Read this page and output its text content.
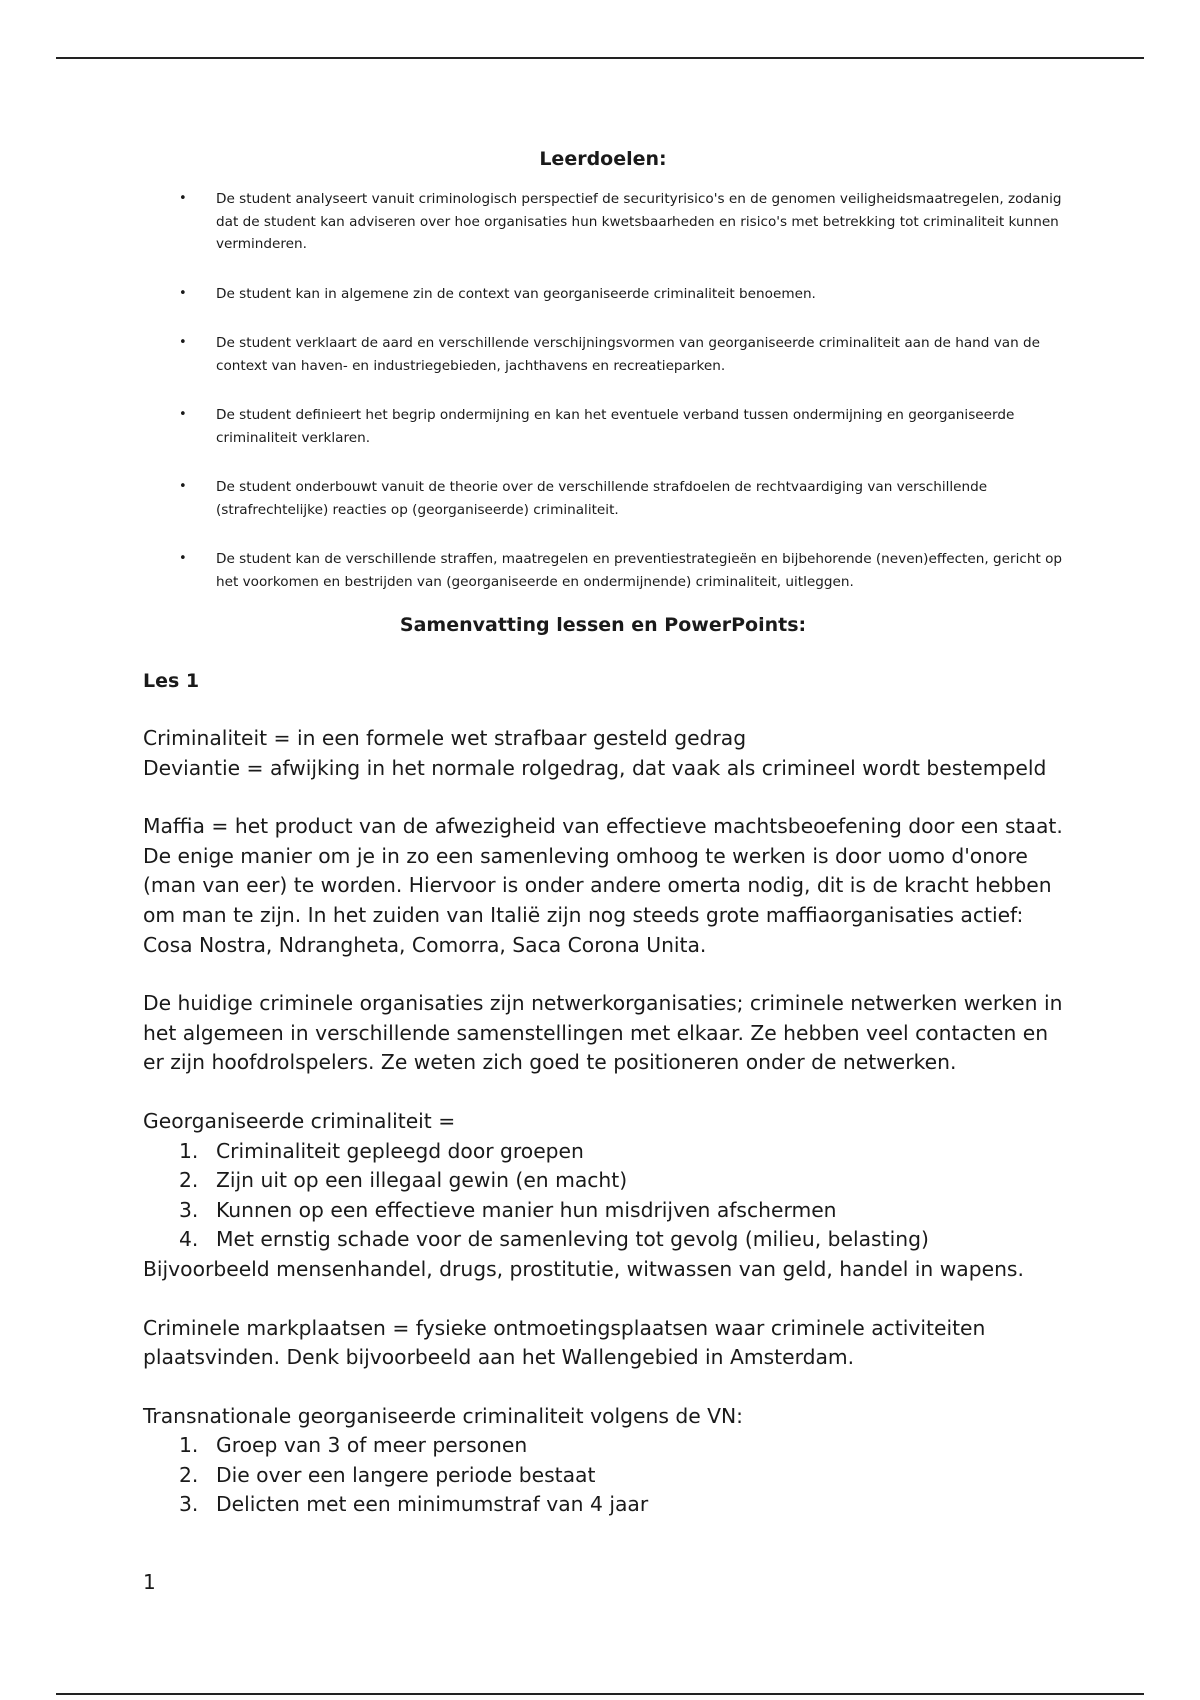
Leerdoelen:
• De student analyseert vanuit criminologisch perspectief de securityrisico's en de genomen veiligheidsmaatregelen, zodanig dat de student kan adviseren over hoe organisaties hun kwetsbaarheden en risico's met betrekking tot criminaliteit kunnen verminderen.
• De student kan in algemene zin de context van georganiseerde criminaliteit benoemen.
• De student verklaart de aard en verschillende verschijningsvormen van georganiseerde criminaliteit aan de hand van de context van haven- en industriegebieden, jachthavens en recreatieparken.
• De student definieert het begrip ondermijning en kan het eventuele verband tussen ondermijning en georganiseerde criminaliteit verklaren.
• De student onderbouwt vanuit de theorie over de verschillende strafdoelen de rechtvaardiging van verschillende (strafrechtelijke) reacties op (georganiseerde) criminaliteit.
• De student kan de verschillende straffen, maatregelen en preventiestrategieën en bijbehorende (neven)effecten, gericht op het voorkomen en bestrijden van (georganiseerde en ondermijnende) criminaliteit, uitleggen.
Samenvatting lessen en PowerPoints:
Les 1

Criminaliteit = in een formele wet strafbaar gesteld gedrag

Deviantie = afwijking in het normale rolgedrag, dat vaak als crimineel wordt bestempeld

Maffia = het product van de afwezigheid van effectieve machtsbeoefening door een staat. De enige manier om je in zo een samenleving omhoog te werken is door uomo d'onore (man van eer) te worden. Hiervoor is onder andere omerta nodig, dit is de kracht hebben om man te zijn. In het zuiden van Italië zijn nog steeds grote maffiaorganisaties actief: Cosa Nostra, Ndrangheta, Comorra, Saca Corona Unita.

De huidige criminele organisaties zijn netwerkorganisaties; criminele netwerken werken in het algemeen in verschillende samenstellingen met elkaar. Ze hebben veel contacten en er zijn hoofdrolspelers. Ze weten zich goed te positioneren onder de netwerken.

Georganiseerde criminaliteit =

1. Criminaliteit gepleegd door groepen
2. Zijn uit op een illegaal gewin (en macht)
3. Kunnen op een effectieve manier hun misdrijven afschermen
4. Met ernstig schade voor de samenleving tot gevolg (milieu, belasting)

Bijvoorbeeld mensenhandel, drugs, prostitutie, witwassen van geld, handel in wapens.

Criminele markplaatsen = fysieke ontmoetingsplaatsen waar criminele activiteiten plaatsvinden. Denk bijvoorbeeld aan het Wallengebied in Amsterdam.

Transnationale georganiseerde criminaliteit volgens de VN:

1. Groep van 3 of meer personen
2. Die over een langere periode bestaat
3. Delicten met een minimumstraf van 4 jaar
1
